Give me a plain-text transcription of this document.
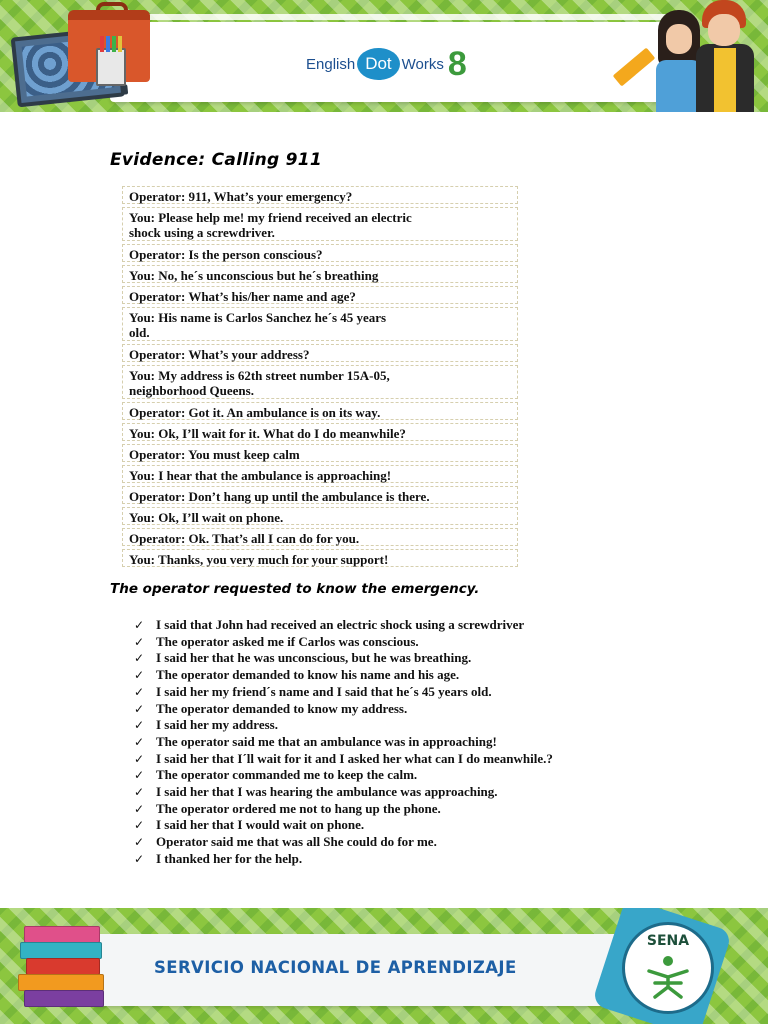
English Dot Works 8
Evidence: Calling 911
Operator: 911, What’s your emergency?
You: Please help me! my friend received an electric
shock using a screwdriver.
Operator: Is the person conscious?
You: No, he´s unconscious but he´s breathing
Operator: What’s his/her name and age?
You: His name is Carlos Sanchez he´s 45 years
old.
Operator: What’s your address?
You: My address is 62th street number 15A-05,
neighborhood Queens.
Operator: Got it. An ambulance is on its way.
You: Ok, I’ll wait for it. What do I do meanwhile?
Operator: You must keep calm
You: I hear that the ambulance is approaching!
Operator: Don’t hang up until the ambulance is there.
You: Ok, I’ll wait on phone.
Operator: Ok. That’s all I can do for you.
You: Thanks, you very much for your support!
The operator requested to know the emergency.
✓ I said that John had received an electric shock using a screwdriver
✓ The operator asked me if Carlos was conscious.
✓ I said her that he was unconscious, but he was breathing.
✓ The operator demanded to know his name and his age.
✓ I said her my friend´s name and I said that he´s 45 years old.
✓ The operator demanded to know my address.
✓ I said her my address.
✓ The operator said me that an ambulance was in approaching!
✓ I said her that I´ll wait for it and I asked her what can I do meanwhile.?
✓ The operator commanded me to keep the calm.
✓ I said her that I was hearing the ambulance was approaching.
✓ The operator ordered me not to hang up the phone.
✓ I said her that I would wait on phone.
✓ Operator said me that was all She could do for me.
✓ I thanked her for the help.
SERVICIO NACIONAL DE APRENDIZAJE
SENA
